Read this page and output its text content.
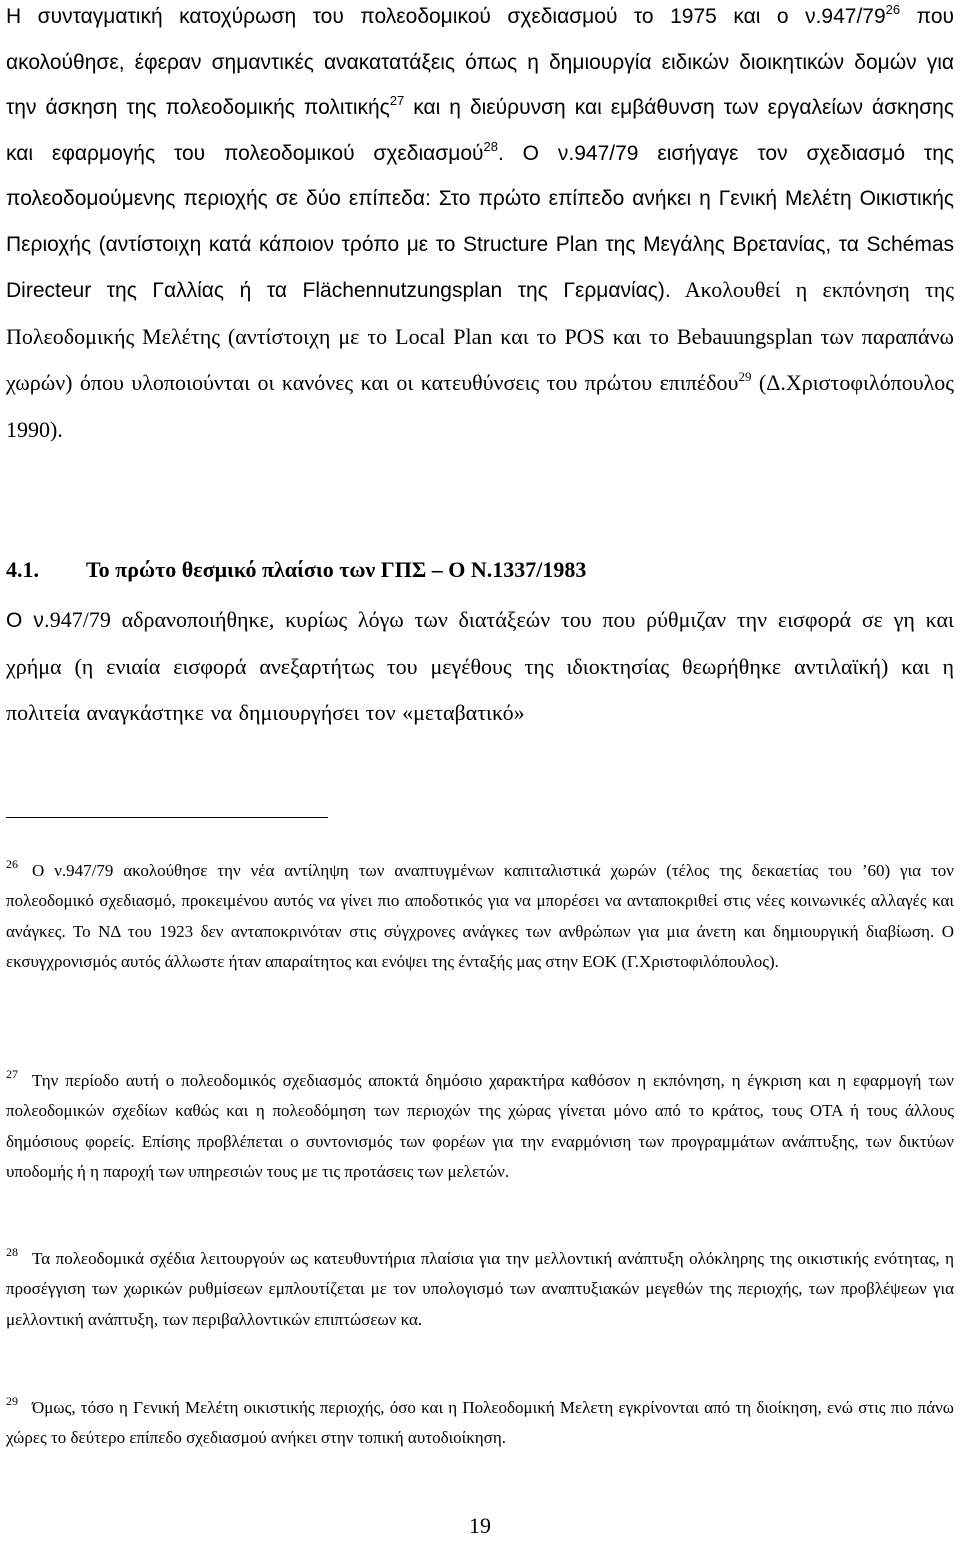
Η συνταγματική κατοχύρωση του πολεοδομικού σχεδιασμού το 1975 και ο $\nu.947/79^{26}$ που ακολούθησε, έφεραν σημαντικές ανακατατάξεις όπως η δημιουργία ειδικών διοικητικών δομών για την άσκηση της πολεοδομικής πολιτικής$^{27}$ και η διεύρυνση και εμβάθυνση των εργαλείων άσκησης και εφαρμογής του πολεοδομικού σχεδιασμού$^{28}$. Ο ν.947/79 εισήγαγε τον σχεδιασμό της πολεοδομούμενης περιοχής σε δύο επίπεδα: Στο πρώτο επίπεδο ανήκει η Γενική Μελέτη Οικιστικής Περιοχής (αντίστοιχη κατά κάποιον τρόπο με το Structure Plan της Μεγάλης Βρετανίας, τα Schémas Directeur της Γαλλίας ή τα Flächennutzungsplan της Γερμανίας). Ακολουθεί η εκπόνηση της Πολεοδομικής Μελέτης (αντίστοιχη με το Local Plan και το POS και το Bebauungsplan των παραπάνω χωρών) όπου υλοποιούνται οι κανόνες και οι κατευθύνσεις του πρώτου επιπέδου$^{29}$ (Δ.Χριστοφιλόπουλος 1990).

4.1. Το πρώτο θεσμικό πλαίσιο των ΓΠΣ – Ο Ν.1337/1983

Ο ν.947/79 αδρανοποιήθηκε, κυρίως λόγω των διατάξεών του που ρύθμιζαν την εισφορά σε γη και χρήμα (η ενιαία εισφορά ανεξαρτήτως του μεγέθους της ιδιοκτησίας θεωρήθηκε αντιλαϊκή) και η πολιτεία αναγκάστηκε να δημιουργήσει τον «μεταβατικό»

$^{26}$ Ο ν.947/79 ακολούθησε την νέα αντίληψη των αναπτυγμένων καπιταλιστικά χωρών (τέλος της δεκαετίας του ’60) για τον πολεοδομικό σχεδιασμό, προκειμένου αυτός να γίνει πιο αποδοτικός για να μπορέσει να ανταποκριθεί στις νέες κοινωνικές αλλαγές και ανάγκες. Το ΝΔ του 1923 δεν ανταποκρινόταν στις σύγχρονες ανάγκες των ανθρώπων για μια άνετη και δημιουργική διαβίωση. Ο εκσυγχρονισμός αυτός άλλωστε ήταν απαραίτητος και ενόψει της ένταξής μας στην ΕΟΚ (Γ.Χριστοφιλόπουλος).

$^{27}$ Την περίοδο αυτή ο πολεοδομικός σχεδιασμός αποκτά δημόσιο χαρακτήρα καθόσον η εκπόνηση, η έγκριση και η εφαρμογή των πολεοδομικών σχεδίων καθώς και η πολεοδόμηση των περιοχών της χώρας γίνεται μόνο από το κράτος, τους ΟΤΑ ή τους άλλους δημόσιους φορείς. Επίσης προβλέπεται ο συντονισμός των φορέων για την εναρμόνιση των προγραμμάτων ανάπτυξης, των δικτύων υποδομής ή η παροχή των υπηρεσιών τους με τις προτάσεις των μελετών.

$^{28}$ Τα πολεοδομικά σχέδια λειτουργούν ως κατευθυντήρια πλαίσια για την μελλοντική ανάπτυξη ολόκληρης της οικιστικής ενότητας, η προσέγγιση των χωρικών ρυθμίσεων εμπλουτίζεται με τον υπολογισμό των αναπτυξιακών μεγεθών της περιοχής, των προβλέψεων για μελλοντική ανάπτυξη, των περιβαλλοντικών επιπτώσεων κα.

$^{29}$ Όμως, τόσο η Γενική Μελέτη οικιστικής περιοχής, όσο και η Πολεοδομική Μελετη εγκρίνονται από τη διοίκηση, ενώ στις πιο πάνω χώρες το δεύτερο επίπεδο σχεδιασμού ανήκει στην τοπική αυτοδιοίκηση.

19
